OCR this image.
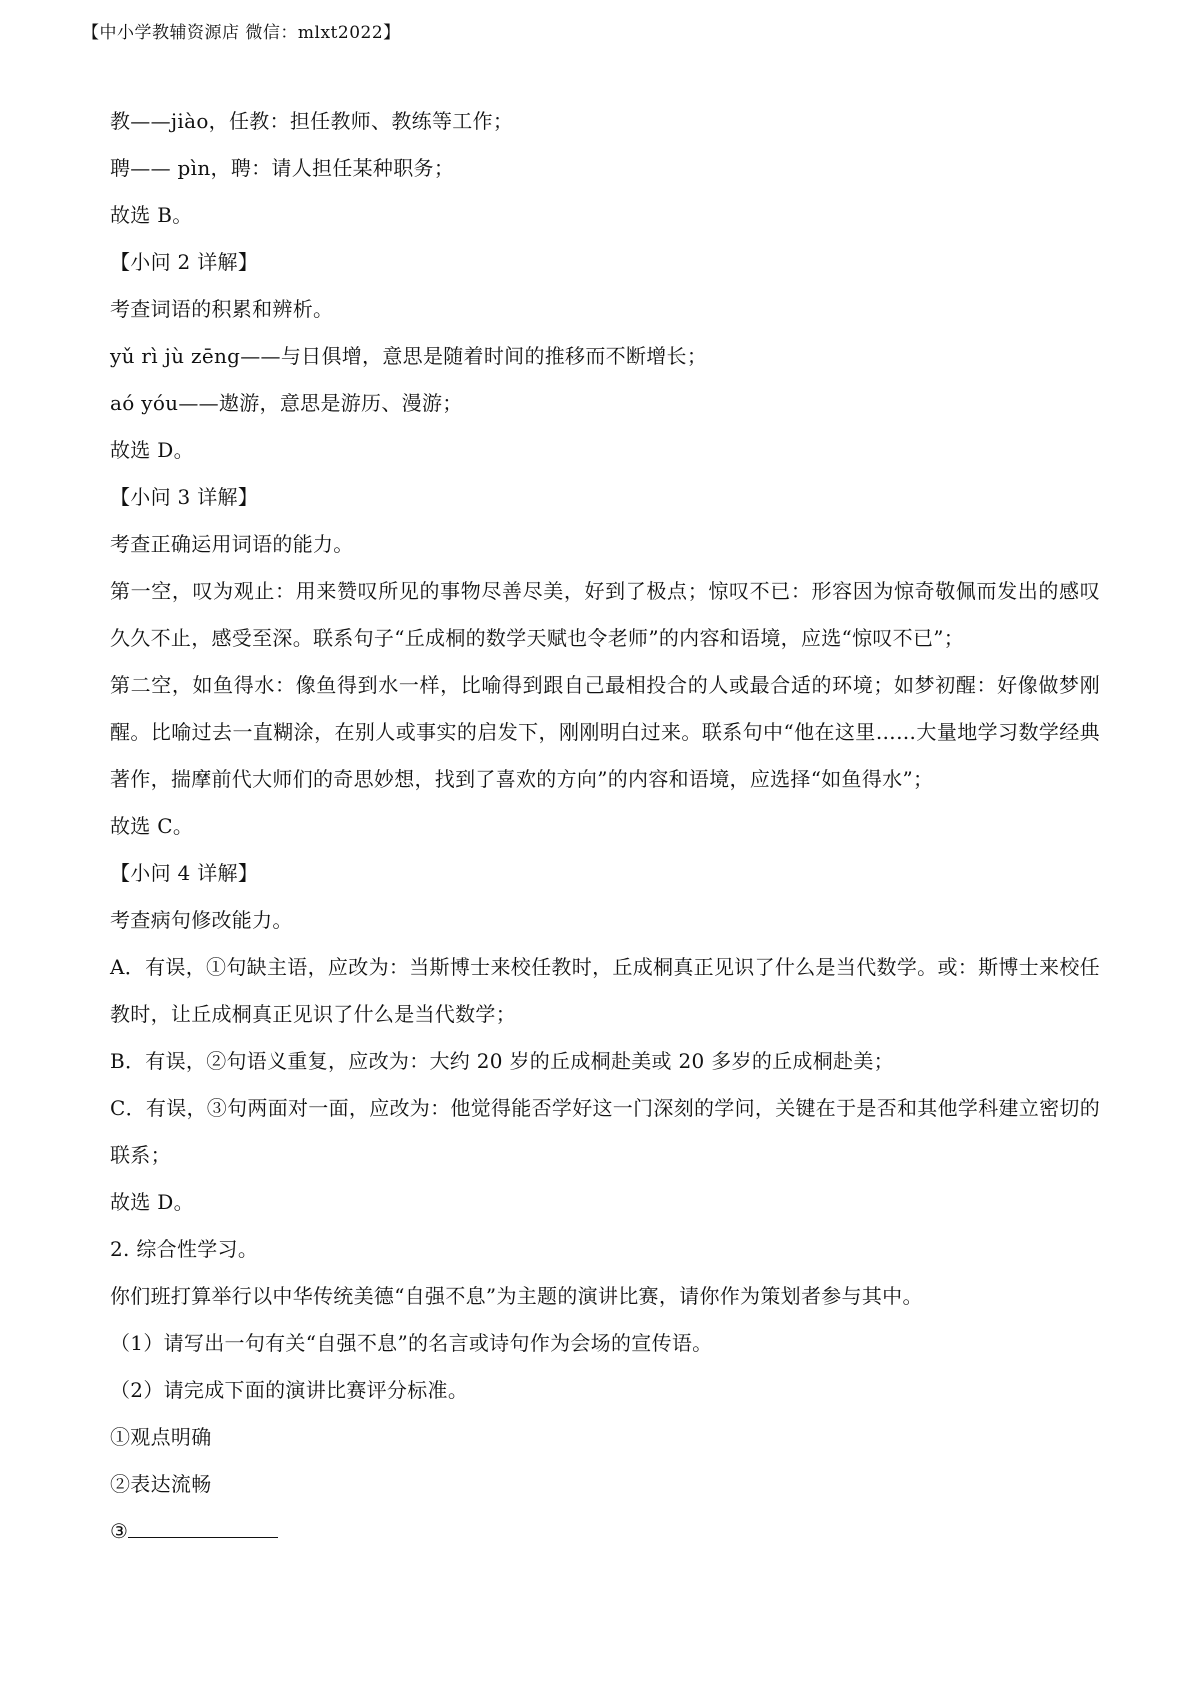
【中小学教辅资源店 微信：mlxt2022】
教——jiào，任教：担任教师、教练等工作；
聘—— pìn，聘：请人担任某种职务；
故选 B。
【小问 2 详解】
考查词语的积累和辨析。
yǔ rì jù zēng——与日俱增，意思是随着时间的推移而不断增长；
aó yóu——遨游，意思是游历、漫游；
故选 D。
【小问 3 详解】
考查正确运用词语的能力。
第一空，叹为观止：用来赞叹所见的事物尽善尽美，好到了极点；惊叹不已：形容因为惊奇敬佩而发出的感叹久久不止，感受至深。联系句子“丘成桐的数学天赋也令老师”的内容和语境，应选“惊叹不已”；
第二空，如鱼得水：像鱼得到水一样，比喻得到跟自己最相投合的人或最合适的环境；如梦初醒：好像做梦刚醒。比喻过去一直糊涂，在别人或事实的启发下，刚刚明白过来。联系句中“他在这里……大量地学习数学经典著作，揣摩前代大师们的奇思妙想，找到了喜欢的方向”的内容和语境，应选择“如鱼得水”；
故选 C。
【小问 4 详解】
考查病句修改能力。
A．有误，①句缺主语，应改为：当斯博士来校任教时，丘成桐真正见识了什么是当代数学。或：斯博士来校任教时，让丘成桐真正见识了什么是当代数学；
B．有误，②句语义重复，应改为：大约 20 岁的丘成桐赴美或 20 多岁的丘成桐赴美；
C．有误，③句两面对一面，应改为：他觉得能否学好这一门深刻的学问，关键在于是否和其他学科建立密切的联系；
故选 D。
2. 综合性学习。
你们班打算举行以中华传统美德“自强不息”为主题的演讲比赛，请你作为策划者参与其中。
（1）请写出一句有关“自强不息”的名言或诗句作为会场的宣传语。
（2）请完成下面的演讲比赛评分标准。
①观点明确
②表达流畅
③
